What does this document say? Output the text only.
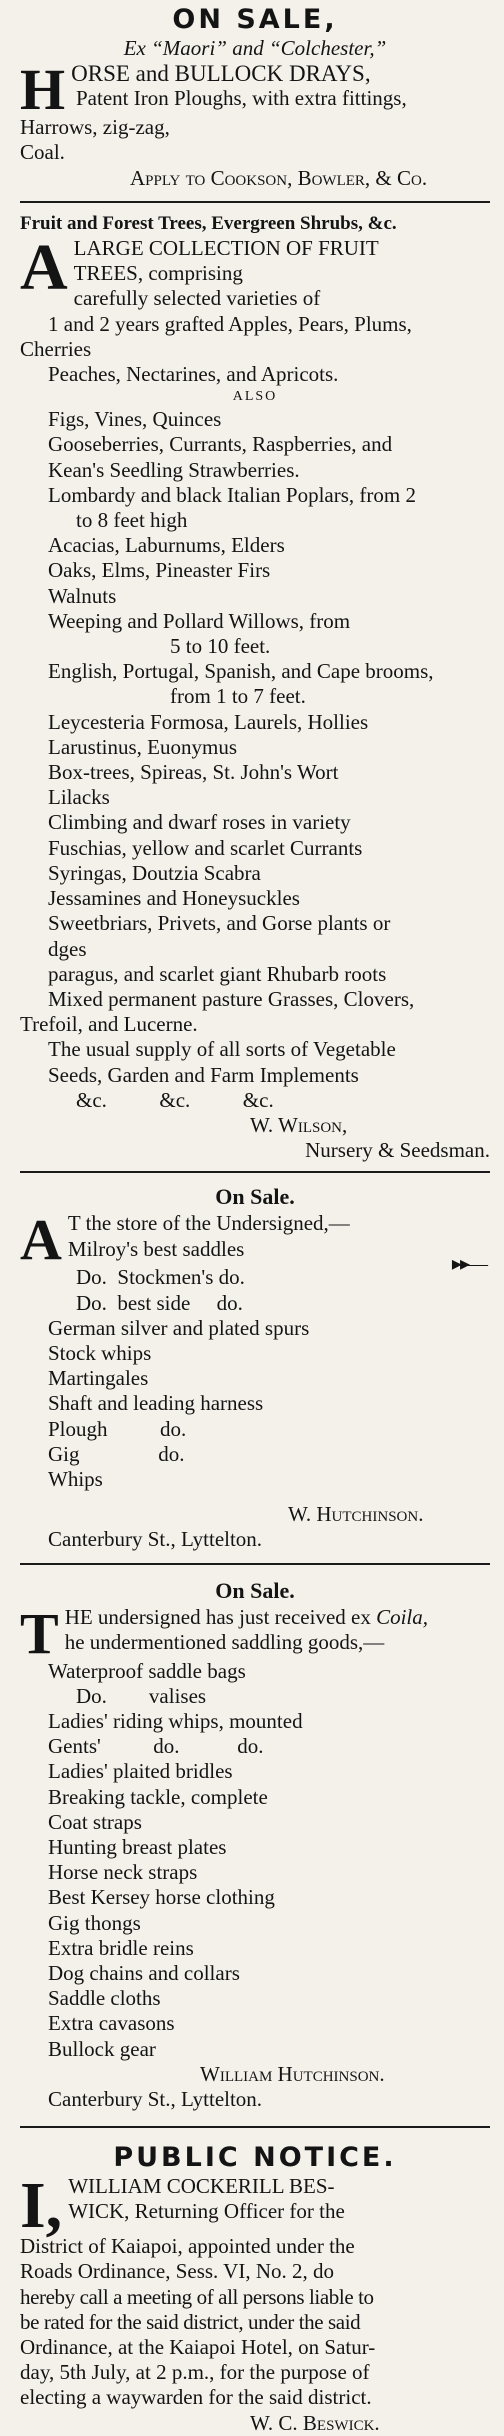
ON SALE,
Ex “Maori” and “Colchester,”
H ORSE and BULLOCK DRAYS,
Patent Iron Ploughs, with extra fittings,
Harrows, zig-zag,
Coal.
Apply to Cookson, Bowler, & Co.
Fruit and Forest Trees, Evergreen Shrubs, &c.
A LARGE COLLECTION OF FRUIT
TREES, comprising
carefully selected varieties of
1 and 2 years grafted Apples, Pears, Plums,
Cherries
Peaches, Nectarines, and Apricots.
ALSO
Figs, Vines, Quinces
Gooseberries, Currants, Raspberries, and
Kean's Seedling Strawberries.
Lombardy and black Italian Poplars, from 2
to 8 feet high
Acacias, Laburnums, Elders
Oaks, Elms, Pineaster Firs
Walnuts
Weeping and Pollard Willows, from
5 to 10 feet.
English, Portugal, Spanish, and Cape brooms,
from 1 to 7 feet.
Leycesteria Formosa, Laurels, Hollies
Larustinus, Euonymus
Box-trees, Spireas, St. John's Wort
Lilacks
Climbing and dwarf roses in variety
Fuschias, yellow and scarlet Currants
Syringas, Doutzia Scabra
Jessamines and Honeysuckles
Sweetbriars, Privets, and Gorse plants or
dges
paragus, and scarlet giant Rhubarb roots
Mixed permanent pasture Grasses, Clovers,
Trefoil, and Lucerne.
The usual supply of all sorts of Vegetable
Seeds, Garden and Farm Implements
&c.          &c.          &c.
W. Wilson,
Nursery & Seedsman.
On Sale.
A T the store of the Undersigned,—
Milroy's best saddles
Do.  Stockmen's do.
Do.  best side     do.
German silver and plated spurs
Stock whips
Martingales
Shaft and leading harness
Plough          do.
Gig               do.
Whips
W. Hutchinson.
Canterbury St., Lyttelton.
▸▸—
On Sale.
T HE undersigned has just received ex Coila,
he undermentioned saddling goods,—
Waterproof saddle bags
Do.        valises
Ladies' riding whips, mounted
Gents'          do.           do.
Ladies' plaited bridles
Breaking tackle, complete
Coat straps
Hunting breast plates
Horse neck straps
Best Kersey horse clothing
Gig thongs
Extra bridle reins
Dog chains and collars
Saddle cloths
Extra cavasons
Bullock gear
William Hutchinson.
Canterbury St., Lyttelton.
PUBLIC NOTICE.
I, WILLIAM COCKERILL BES-
WICK, Returning Officer for the
District of Kaiapoi, appointed under the
Roads Ordinance, Sess. VI, No. 2, do
hereby call a meeting of all persons liable to
be rated for the said district, under the said
Ordinance, at the Kaiapoi Hotel, on Satur-
day, 5th July, at 2 p.m., for the purpose of
electing a waywarden for the said district.
W. C. Beswick.
